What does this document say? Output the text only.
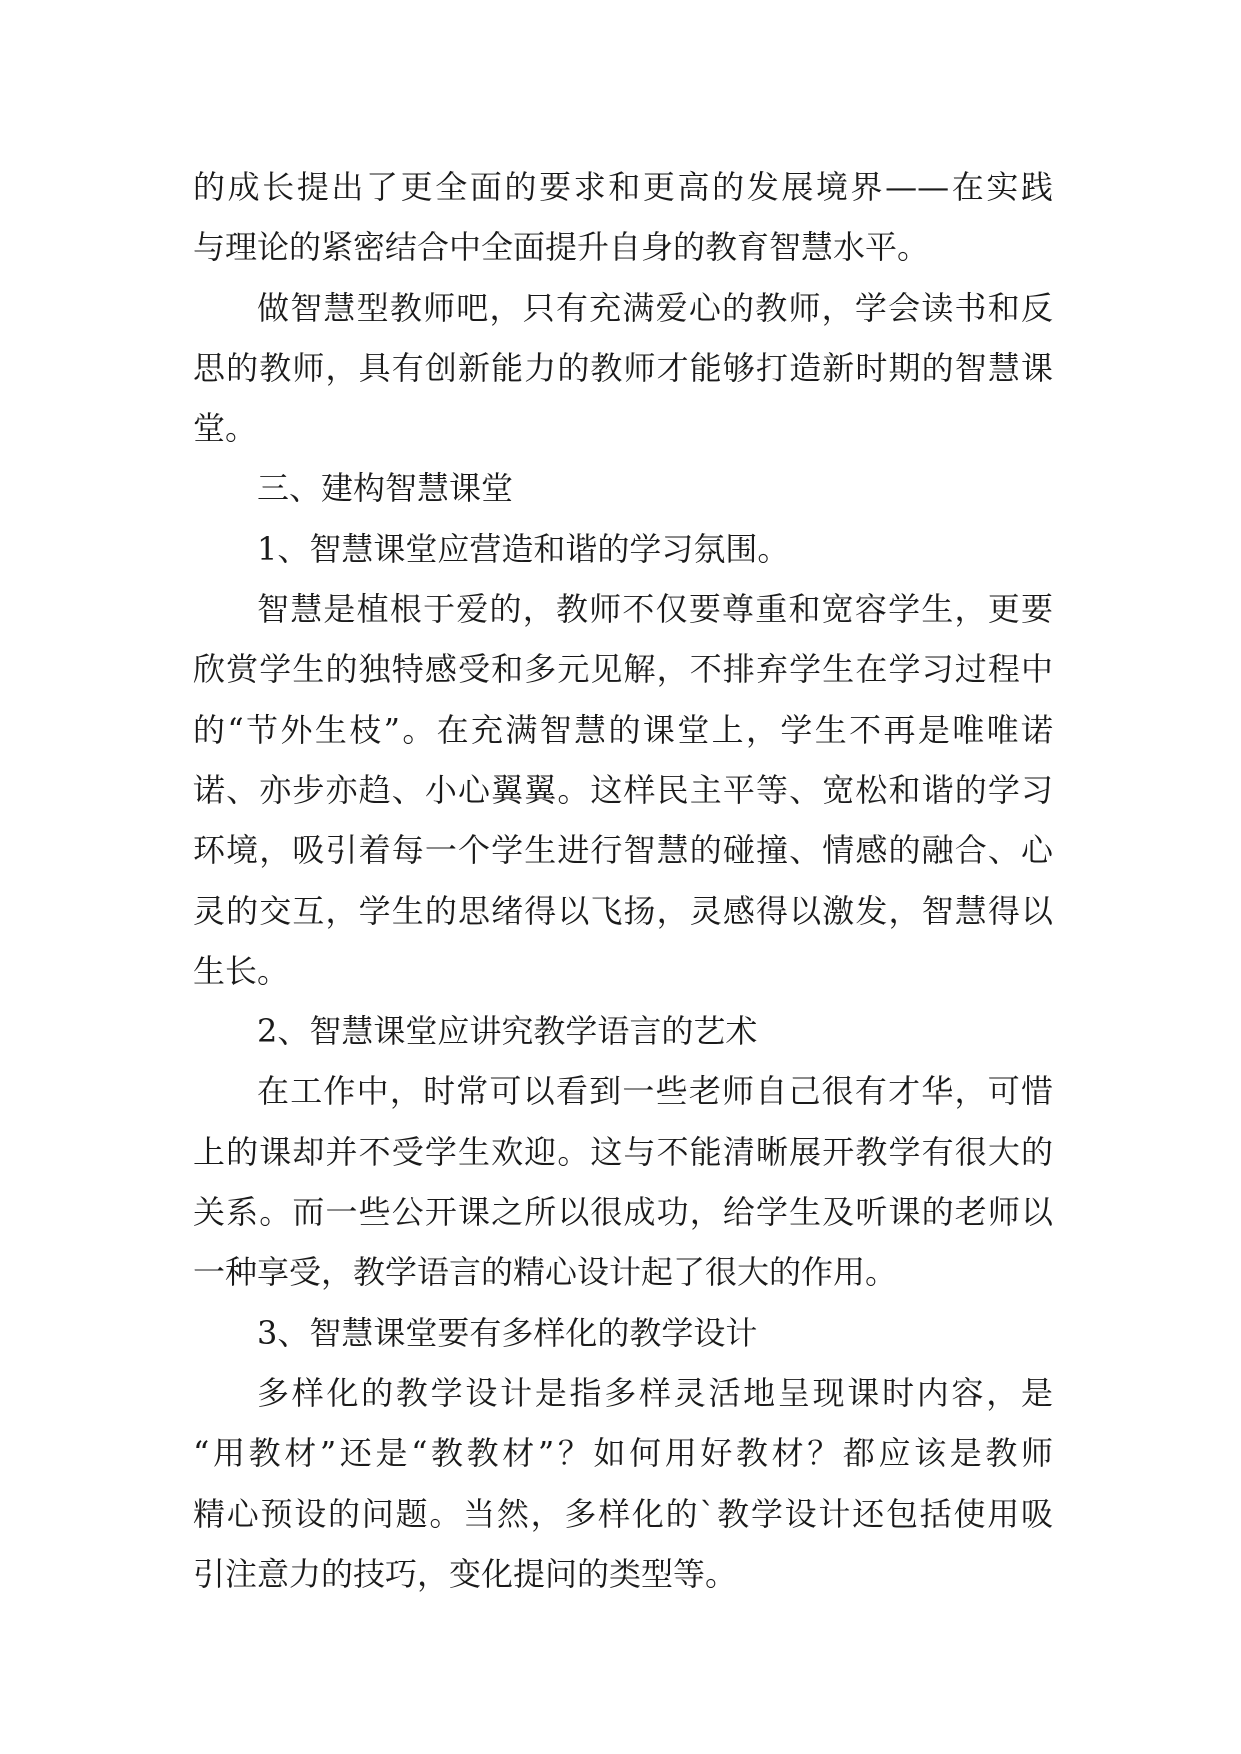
的成长提出了更全面的要求和更高的发展境界——在实践
与理论的紧密结合中全面提升自身的教育智慧水平。
做智慧型教师吧，只有充满爱心的教师，学会读书和反
思的教师，具有创新能力的教师才能够打造新时期的智慧课
堂。
三、建构智慧课堂
1、智慧课堂应营造和谐的学习氛围。
智慧是植根于爱的，教师不仅要尊重和宽容学生，更要
欣赏学生的独特感受和多元见解，不排弃学生在学习过程中
的“节外生枝”。在充满智慧的课堂上，学生不再是唯唯诺
诺、亦步亦趋、小心翼翼。这样民主平等、宽松和谐的学习
环境，吸引着每一个学生进行智慧的碰撞、情感的融合、心
灵的交互，学生的思绪得以飞扬，灵感得以激发，智慧得以
生长。
2、智慧课堂应讲究教学语言的艺术
在工作中，时常可以看到一些老师自己很有才华，可惜
上的课却并不受学生欢迎。这与不能清晰展开教学有很大的
关系。而一些公开课之所以很成功，给学生及听课的老师以
一种享受，教学语言的精心设计起了很大的作用。
3、智慧课堂要有多样化的教学设计
多样化的教学设计是指多样灵活地呈现课时内容，是
“用教材”还是“教教材”？如何用好教材？都应该是教师
精心预设的问题。当然，多样化的`教学设计还包括使用吸
引注意力的技巧，变化提问的类型等。
